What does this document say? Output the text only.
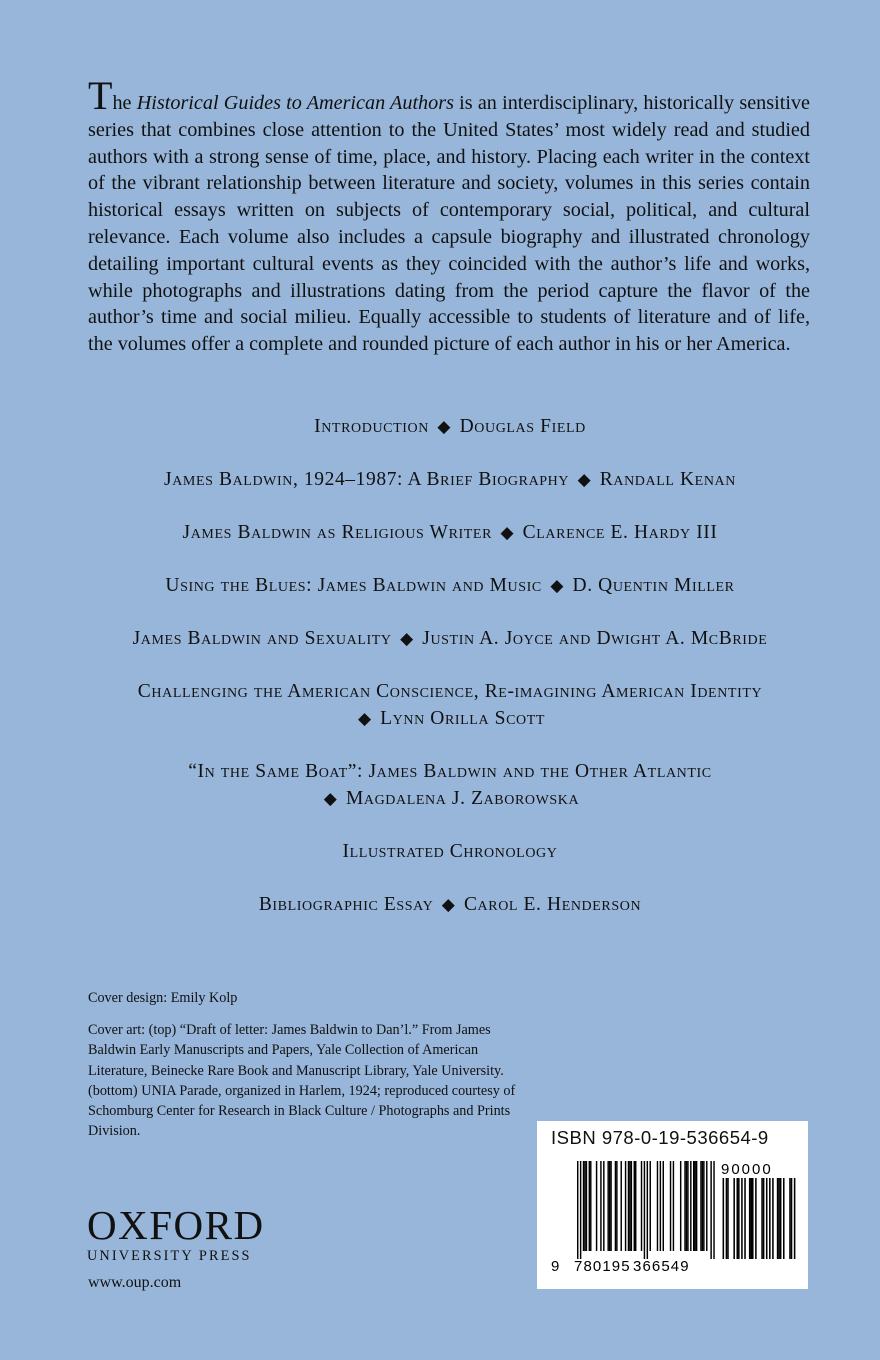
The Historical Guides to American Authors is an interdisciplinary, historically sensitive series that combines close attention to the United States’ most widely read and studied authors with a strong sense of time, place, and history. Placing each writer in the context of the vibrant relationship between literature and society, volumes in this series contain historical essays written on subjects of contemporary social, political, and cultural relevance. Each volume also includes a capsule biography and illustrated chronology detailing important cultural events as they coincided with the author’s life and works, while photographs and illustrations dating from the period capture the flavor of the author’s time and social milieu. Equally accessible to students of literature and of life, the volumes offer a complete and rounded picture of each author in his or her America.
Introduction ◆ Douglas Field
James Baldwin, 1924–1987: A Brief Biography ◆ Randall Kenan
James Baldwin as Religious Writer ◆ Clarence E. Hardy III
Using the Blues: James Baldwin and Music ◆ D. Quentin Miller
James Baldwin and Sexuality ◆ Justin A. Joyce and Dwight A. McBride
Challenging the American Conscience, Re-imagining American Identity
◆ Lynn Orilla Scott
“In the Same Boat”: James Baldwin and the Other Atlantic
◆ Magdalena J. Zaborowska
Illustrated Chronology
Bibliographic Essay ◆ Carol E. Henderson

Cover design: Emily Kolp

Cover art: (top) “Draft of letter: James Baldwin to Dan’l.” From James Baldwin Early Manuscripts and Papers, Yale Collection of American Literature, Beinecke Rare Book and Manuscript Library, Yale University.

(bottom) UNIA Parade, organized in Harlem, 1924; reproduced courtesy of Schomburg Center for Research in Black Culture / Photographs and Prints Division.

OXFORD
UNIVERSITY PRESS
www.oup.com
ISBN 978-0-19-536654-9
90000
9 780195 366549
